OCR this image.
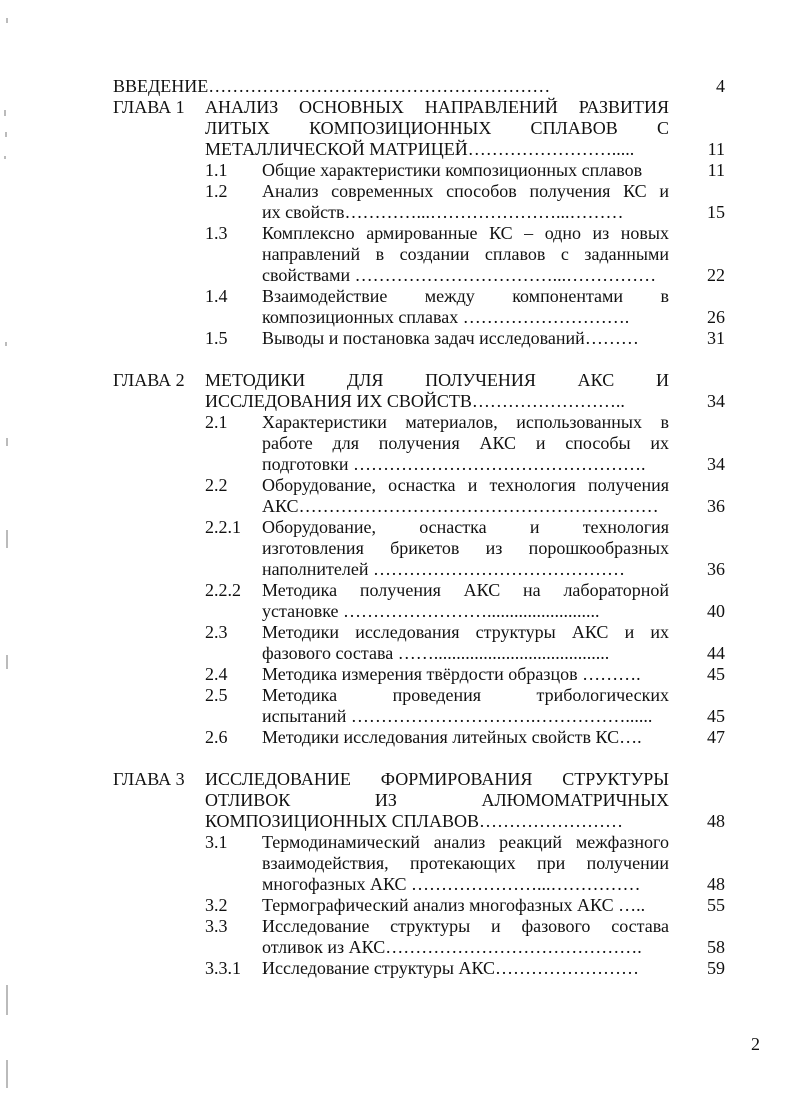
ВВЕДЕНИЕ…………………………………………………	4
ГЛАВА 1	АНАЛИЗ ОСНОВНЫХ НАПРАВЛЕНИЙ РАЗВИТИЯ
ЛИТЫХ КОМПОЗИЦИОННЫХ СПЛАВОВ С
МЕТАЛЛИЧЕСКОЙ МАТРИЦЕЙ…………………….....	11
1.1	Общие характеристики композиционных сплавов	11
1.2	Анализ современных способов получения КС и
их свойств…………...…………………...………	15
1.3	Комплексно армированные КС – одно из новых
направлений в создании сплавов с заданными
свойствами ……………………………...……………	22
1.4	Взаимодействие между компонентами в
композиционных сплавах ……………………….	26
1.5	Выводы и постановка задач исследований………	31
ГЛАВА 2	МЕТОДИКИ ДЛЯ ПОЛУЧЕНИЯ АКС И
ИССЛЕДОВАНИЯ ИХ СВОЙСТВ……………………..	34
2.1	Характеристики материалов, использованных в
работе для получения АКС и способы их
подготовки ………………………………………….	34
2.2	Оборудование, оснастка и технология получения
АКС……………………………………………………	36
2.2.1	Оборудование, оснастка и технология
изготовления брикетов из порошкообразных
наполнителей ……………………………………	36
2.2.2	Методика получения АКС на лабораторной
установке …………………….........................	40
2.3	Методики исследования структуры АКС и их
фазового состава …….......................................	44
2.4	Методика измерения твёрдости образцов ……….	45
2.5	Методика проведения трибологических
испытаний ………………………….……………......	45
2.6	Методики исследования литейных свойств КС….	47
ГЛАВА 3	ИССЛЕДОВАНИЕ ФОРМИРОВАНИЯ СТРУКТУРЫ
ОТЛИВОК ИЗ АЛЮМОМАТРИЧНЫХ
КОМПОЗИЦИОННЫХ СПЛАВОВ……………………	48
3.1	Термодинамический анализ реакций межфазного
взаимодействия, протекающих при получении
многофазных АКС …………………...……………	48
3.2	Термографический анализ многофазных АКС …..	55
3.3	Исследование структуры и фазового состава
отливок из АКС…………………………………….	58
3.3.1	Исследование структуры АКС……………………	59
2
